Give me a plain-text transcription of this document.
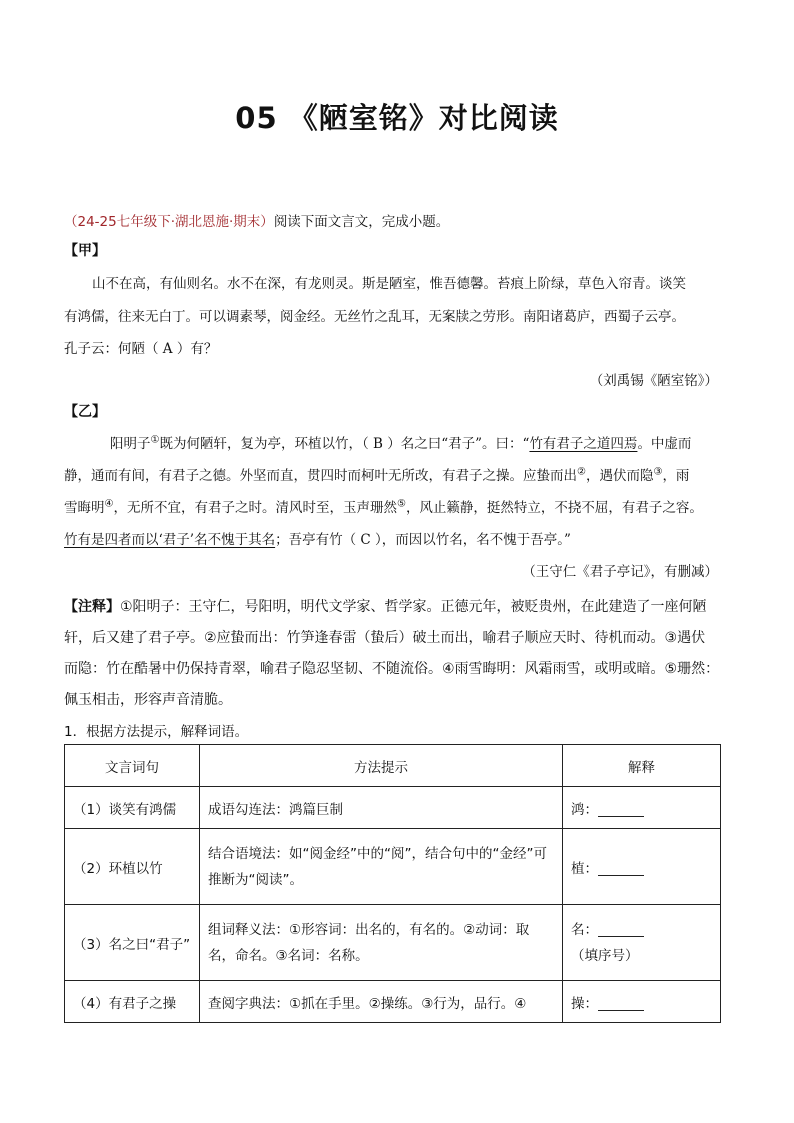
05 《陋室铭》对比阅读
（24-25七年级下·湖北恩施·期末）阅读下面文言文，完成小题。
【甲】
山不在高，有仙则名。水不在深，有龙则灵。斯是陋室，惟吾德馨。苔痕上阶绿，草色入帘青。谈笑
有鸿儒，往来无白丁。可以调素琴，阅金经。无丝竹之乱耳，无案牍之劳形。南阳诸葛庐，西蜀子云亭。
孔子云：何陋（ A ）有？
（刘禹锡《陋室铭》）
【乙】
阳明子①既为何陋轩，复为亭，环植以竹，（ B ）名之曰“君子”。曰：“竹有君子之道四焉。中虚而
静，通而有间，有君子之德。外坚而直，贯四时而柯叶无所改，有君子之操。应蛰而出②，遇伏而隐③，雨
雪晦明④，无所不宜，有君子之时。清风时至，玉声珊然⑤，风止籁静，挺然特立，不挠不屈，有君子之容。
竹有是四者而以‘君子’名不愧于其名；吾亭有竹（ C ），而因以竹名，名不愧于吾亭。”
（王守仁《君子亭记》，有删减）
【注释】①阳明子：王守仁，号阳明，明代文学家、哲学家。正德元年，被贬贵州，在此建造了一座何陋
轩，后又建了君子亭。②应蛰而出：竹笋逢春雷（蛰后）破土而出，喻君子顺应天时、待机而动。③遇伏
而隐：竹在酷暑中仍保持青翠，喻君子隐忍坚韧、不随流俗。④雨雪晦明：风霜雨雪，或明或暗。⑤珊然：
佩玉相击，形容声音清脆。
1．根据方法提示，解释词语。
文言词句	方法提示	解释
（1）谈笑有鸿儒	成语勾连法：鸿篇巨制	鸿：
（2）环植以竹	结合语境法：如“阅金经”中的“阅”，结合句中的“金经”可推断为“阅读”。	植：
（3）名之曰“君子”	组词释义法：①形容词：出名的，有名的。②动词：取名，命名。③名词：名称。	名：
（填序号）
（4）有君子之操	查阅字典法：①抓在手里。②操练。③行为，品行。④	操：
